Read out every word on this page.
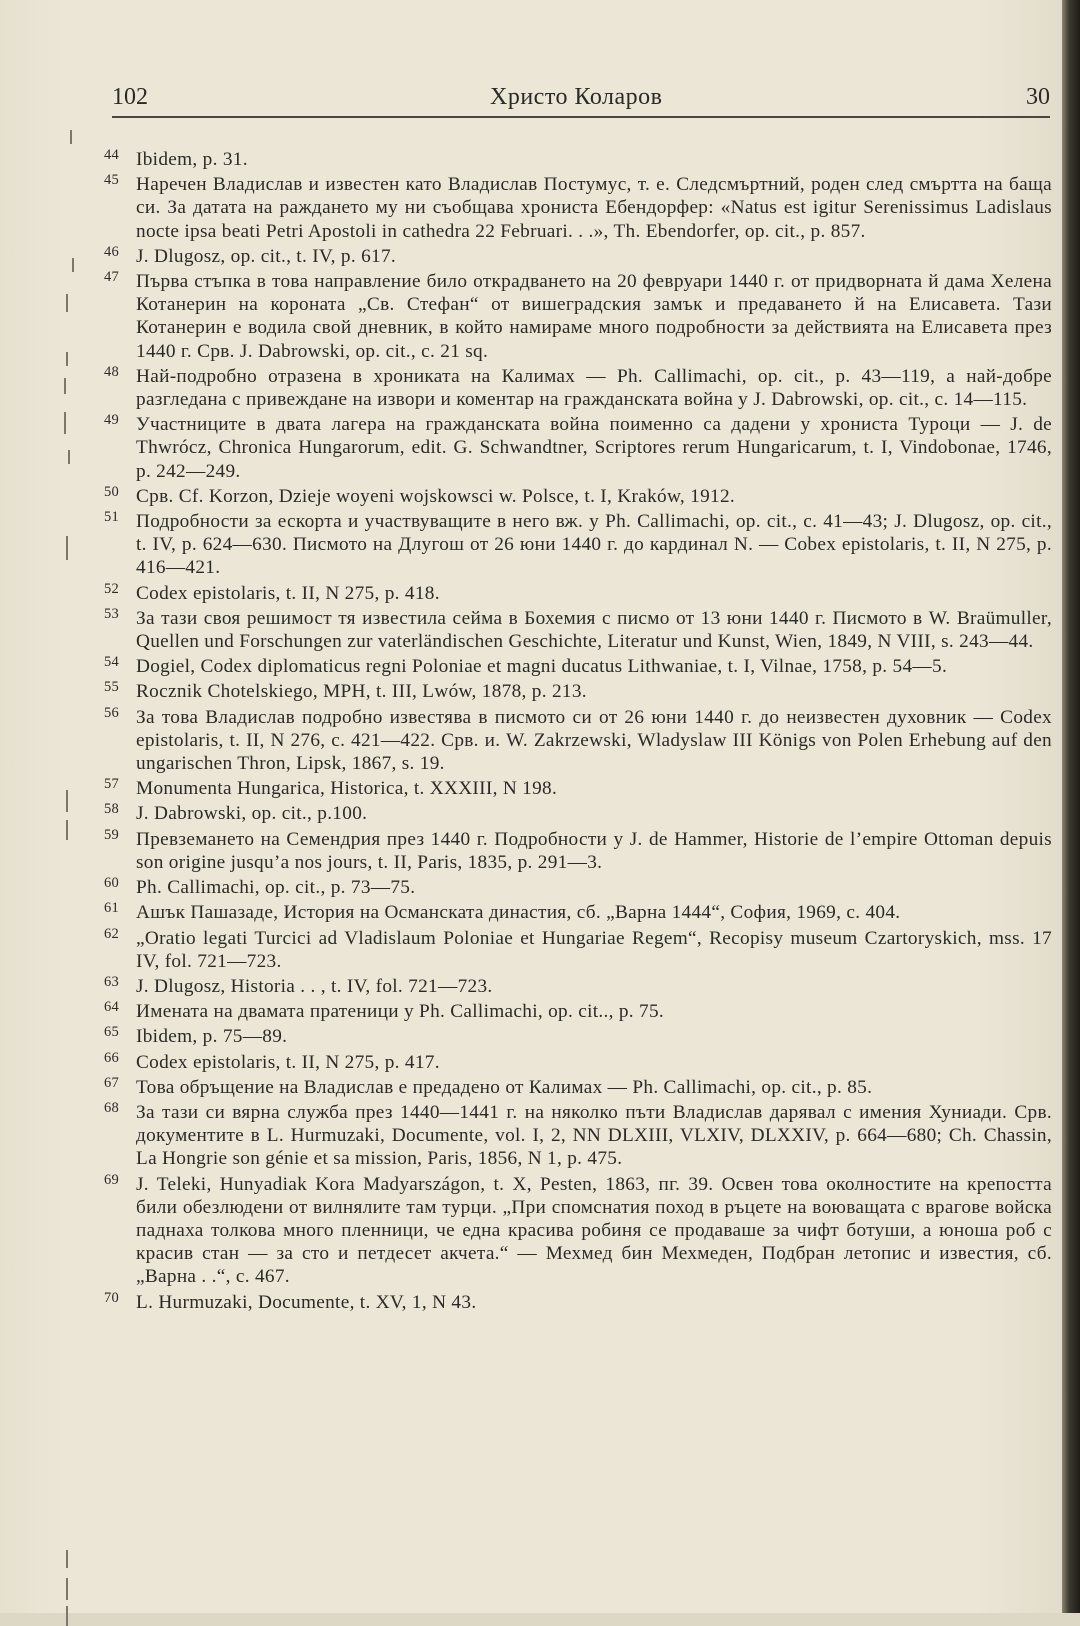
102	Христо Коларов	30
44 Ibidem, p. 31.
45 Наречен Владислав и известен като Владислав Постумус, т. е. Следсмъртний, роден след смъртта на баща си. За датата на раждането му ни съобщава хрониста Ебендорфер: «Natus est igitur Serenissimus Ladislaus nocte ipsa beati Petri Apostoli in cathedra 22 Februari. . .», Th. Ebendorfer, op. cit., p. 857.
46 J. Dlugosz, op. cit., t. IV, p. 617.
47 Първа стъпка в това направление било открадването на 20 февруари 1440 г. от придворната й дама Хелена Котанерин на короната „Св. Стефан“ от вишеградския замък и предаването й на Елисавета. Тази Котанерин е водила свой дневник, в който намираме много подробности за действията на Елисавета през 1440 г. Срв. J. Dabrowski, op. cit., c. 21 sq.
48 Най-подробно отразена в хрониката на Калимах — Ph. Callimachi, op. cit., p. 43—119, а най-добре разгледана с привеждане на извори и коментар на гражданската война у J. Dabrowski, op. cit., c. 14—115.
49 Участниците в двата лагера на гражданската война поименно са дадени у хрониста Туроци — J. de Thwrócz, Chronica Hungarorum, edit. G. Schwandtner, Scriptores rerum Hungaricarum, t. I, Vindobonae, 1746, p. 242—249.
50 Срв. Cf. Korzon, Dzieje woyeni wojskowsci w. Polsce, t. I, Kraków, 1912.
51 Подробности за ескорта и участвуващите в него вж. у Ph. Callimachi, op. cit., c. 41—43; J. Dlugosz, op. cit., t. IV, p. 624—630. Писмото на Длугош от 26 юни 1440 г. до кардинал N. — Cobex epistolaris, t. II, N 275, p. 416—421.
52 Codex epistolaris, t. II, N 275, p. 418.
53 За тази своя решимост тя известила сейма в Бохемия с писмо от 13 юни 1440 г. Писмото в W. Braümuller, Quellen und Forschungen zur vaterländischen Geschichte, Literatur und Kunst, Wien, 1849, N VIII, s. 243—44.
54 Dogiel, Codex diplomaticus regni Poloniae et magni ducatus Lithwaniae, t. I, Vilnae, 1758, p. 54—5.
55 Rocznik Chotelskiego, MPH, t. III, Lwów, 1878, p. 213.
56 За това Владислав подробно известява в писмото си от 26 юни 1440 г. до неизвестен духовник — Codex epistolaris, t. II, N 276, c. 421—422. Срв. и. W. Zakrzewski, Wladyslaw III Königs von Polen Erhebung auf den ungarischen Thron, Lipsk, 1867, s. 19.
57 Monumenta Hungarica, Historica, t. XXXIII, N 198.
58 J. Dabrowski, op. cit., p.100.
59 Превземането на Семендрия през 1440 г. Подробности у J. de Hammer, Historie de l’empire Ottoman depuis son origine jusqu’a nos jours, t. II, Paris, 1835, p. 291—3.
60 Ph. Callimachi, op. cit., p. 73—75.
61 Ашък Пашазаде, История на Османската династия, сб. „Варна 1444“, София, 1969, c. 404.
62 „Oratio legati Turcici ad Vladislaum Poloniae et Hungariae Regem“, Recopisy museum Czartoryskich, mss. 17 IV, fol. 721—723.
63 J. Dlugosz, Historia . . , t. IV, fol. 721—723.
64 Имената на двамата пратеници у Ph. Callimachi, op. cit.., p. 75.
65 Ibidem, p. 75—89.
66 Codex epistolaris, t. II, N 275, p. 417.
67 Това обръщение на Владислав е предадено от Калимах — Ph. Callimachi, op. cit., p. 85.
68 За тази си вярна служба през 1440—1441 г. на няколко пъти Владислав дарявал с имения Хуниади. Срв. документите в L. Hurmuzaki, Documente, vol. I, 2, NN DLXIII, VLXIV, DLXXIV, p. 664—680; Ch. Chassin, La Hongrie son génie et sa mission, Paris, 1856, N 1, p. 475.
69 J. Teleki, Hunyadiak Kora Madyarszágon, t. X, Pesten, 1863, пг. 39. Освен това околностите на крепостта били обезлюдени от вилнялите там турци. „При спомснатия поход в ръцете на воюващата с врагове войска паднаха толкова много пленници, че една красива робиня се продаваше за чифт ботуши, а юноша роб с красив стан — за сто и петдесет акчета.“ — Мехмед бин Мехмеден, Подбран летопис и известия, сб. „Варна . .“, c. 467.
70 L. Hurmuzaki, Documente, t. XV, 1, N 43.
